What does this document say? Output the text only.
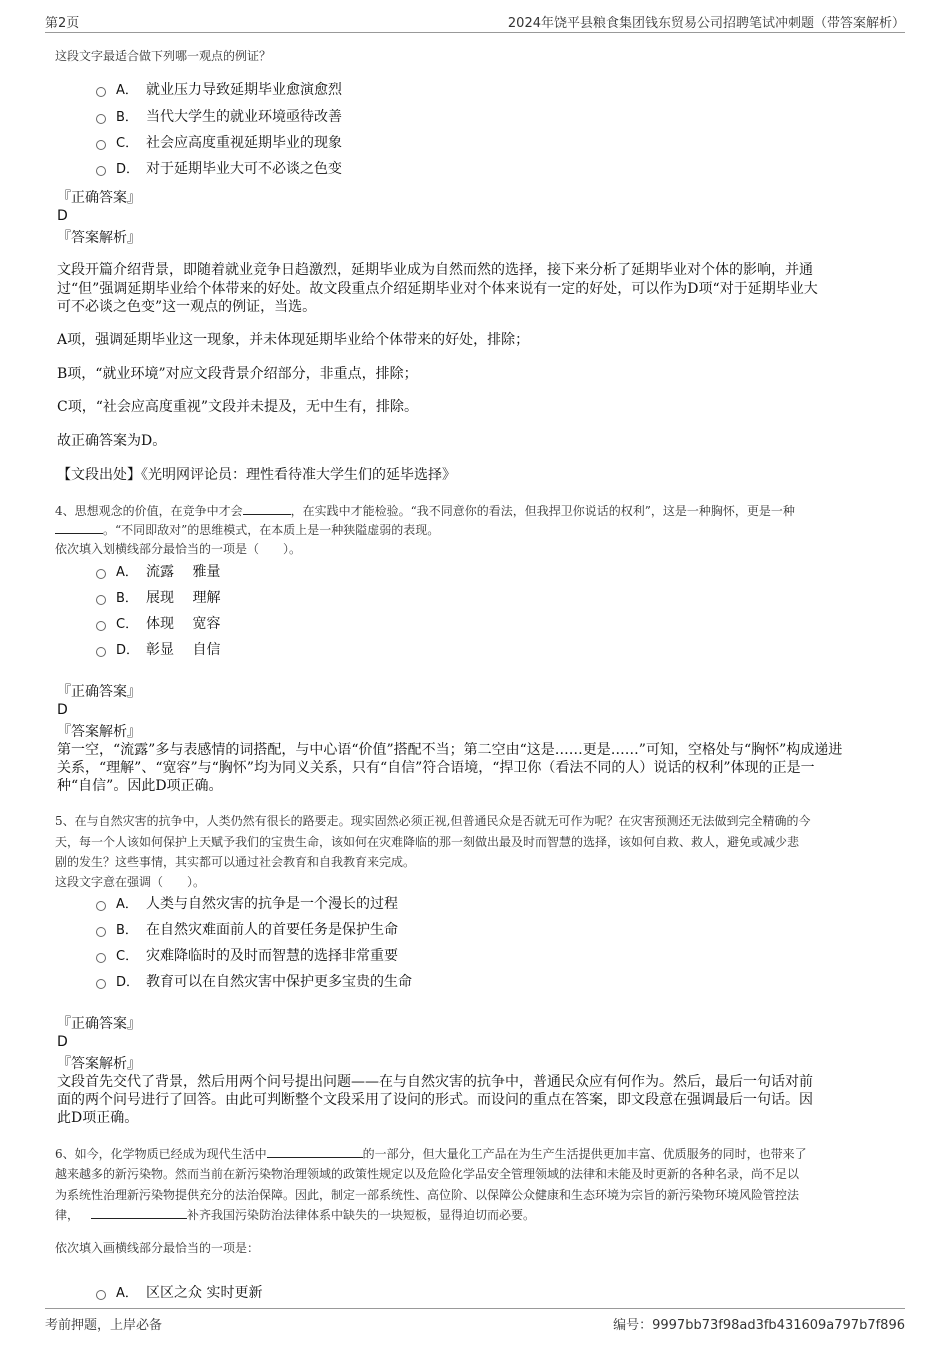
第2页	2024年饶平县粮食集团钱东贸易公司招聘笔试冲刺题（带答案解析）
这段文字最适合做下列哪一观点的例证？
A． 就业压力导致延期毕业愈演愈烈
B． 当代大学生的就业环境亟待改善
C． 社会应高度重视延期毕业的现象
D． 对于延期毕业大可不必谈之色变
『正确答案』
D
『答案解析』
文段开篇介绍背景，即随着就业竞争日趋激烈，延期毕业成为自然而然的选择，接下来分析了延期毕业对个体的影响，并通
过“但”强调延期毕业给个体带来的好处。故文段重点介绍延期毕业对个体来说有一定的好处，可以作为D项“对于延期毕业大
可不必谈之色变”这一观点的例证，当选。
A项，强调延期毕业这一现象，并未体现延期毕业给个体带来的好处，排除；
B项，“就业环境”对应文段背景介绍部分，非重点，排除；
C项，“社会应高度重视”文段并未提及，无中生有，排除。
故正确答案为D。
【文段出处】《光明网评论员：理性看待准大学生们的延毕选择》
4、思想观念的价值，在竞争中才会	，在实践中才能检验。“我不同意你的看法，但我捍卫你说话的权利”，这是一种胸怀，更是一种
。“不同即敌对”的思维模式，在本质上是一种狭隘虚弱的表现。
依次填入划横线部分最恰当的一项是（　　）。
A． 流露　 雅量
B． 展现　 理解
C． 体现　 宽容
D． 彰显　 自信
『正确答案』
D
『答案解析』
第一空，“流露”多与表感情的词搭配，与中心语“价值”搭配不当；第二空由“这是……更是……”可知，空格处与“胸怀”构成递进
关系，“理解”、“宽容”与“胸怀”均为同义关系，只有“自信”符合语境，“捍卫你（看法不同的人）说话的权利”体现的正是一
种“自信”。因此D项正确。
5、在与自然灾害的抗争中，人类仍然有很长的路要走。现实固然必须正视,但普通民众是否就无可作为呢？在灾害预测还无法做到完全精确的今
天，每一个人该如何保护上天赋予我们的宝贵生命，该如何在灾难降临的那一刻做出最及时而智慧的选择，该如何自救、救人，避免或减少悲
剧的发生？这些事情，其实都可以通过社会教育和自我教育来完成。
这段文字意在强调（　　）。
A． 人类与自然灾害的抗争是一个漫长的过程
B． 在自然灾难面前人的首要任务是保护生命
C． 灾难降临时的及时而智慧的选择非常重要
D． 教育可以在自然灾害中保护更多宝贵的生命
『正确答案』
D
『答案解析』
文段首先交代了背景，然后用两个问号提出问题——在与自然灾害的抗争中，普通民众应有何作为。然后，最后一句话对前
面的两个问号进行了回答。由此可判断整个文段采用了设问的形式。而设问的重点在答案，即文段意在强调最后一句话。因
此D项正确。
6、如今，化学物质已经成为现代生活中	的一部分，但大量化工产品在为生产生活提供更加丰富、优质服务的同时，也带来了
越来越多的新污染物。然而当前在新污染物治理领域的政策性规定以及危险化学品安全管理领域的法律和未能及时更新的各种名录，尚不足以
为系统性治理新污染物提供充分的法治保障。因此，制定一部系统性、高位阶、以保障公众健康和生态环境为宗旨的新污染物环境风险管控法
律，	补齐我国污染防治法律体系中缺失的一块短板，显得迫切而必要。
依次填入画横线部分最恰当的一项是：
A． 区区之众 实时更新
考前押题，上岸必备	编号：9997bb73f98ad3fb431609a797b7f896
